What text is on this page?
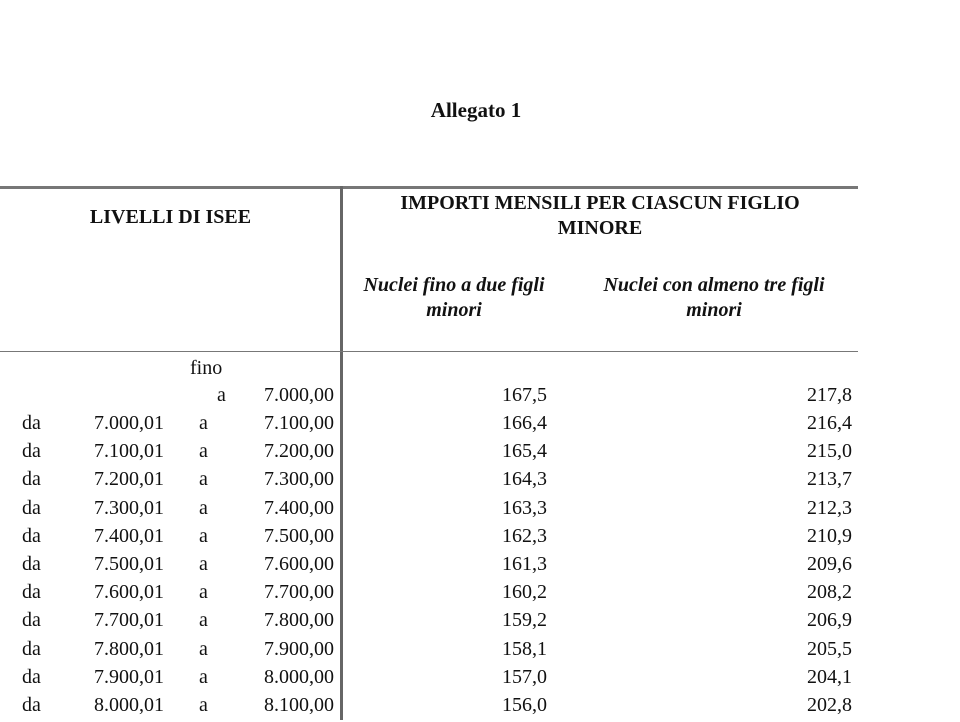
Allegato 1
LIVELLI DI ISEE
IMPORTI MENSILI PER CIASCUN FIGLIO
MINORE
Nuclei fino a due figli
minori
Nuclei con almeno tre figli
minori
fino
a 7.000,00	167,5	217,8
da	7.000,01 a	7.100,00	166,4	216,4
da	7.100,01 a	7.200,00	165,4	215,0
da	7.200,01 a	7.300,00	164,3	213,7
da	7.300,01 a	7.400,00	163,3	212,3
da	7.400,01 a	7.500,00	162,3	210,9
da	7.500,01 a	7.600,00	161,3	209,6
da	7.600,01 a	7.700,00	160,2	208,2
da	7.700,01 a	7.800,00	159,2	206,9
da	7.800,01 a	7.900,00	158,1	205,5
da	7.900,01 a	8.000,00	157,0	204,1
da	8.000,01 a	8.100,00	156,0	202,8
